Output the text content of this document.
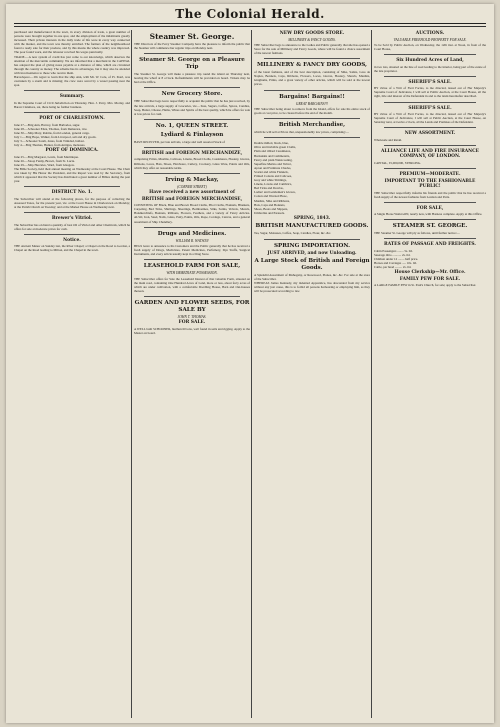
The Colonial Herald.
purchased and manufactured in the town, in every division of trade, a great number of persons were brought together in one spot, and the employment of the inhabitants greatly increased. Their private interests in the daily trade of life were in every way connected with the market, and the town was thereby enriched. The farmers of the neighbourhood found a ready sale for their produce, and by this means the whole country was improved. The poor found work, and the labourer received his wages punctually.
TRADE.—A new system of credit has just come to our knowledge, which deserves the attention of the mercantile community. We are informed that a merchant in the CAPITAL has adopted the plan of giving notes payable at a distance of time, which are circulated through the country as money. The scheme has its advantages, but it may also be attended with inconvenience to those who receive them.
Barrackpore.—We regret to learn that the ship Ann, with Mr. W. Cole, of Pt. Pearl, was overtaken by a storm and is missing; the crew were saved by a vessel passing near the spot.
Summary.
In the Supreme Court of Civil Jurisdiction on Thursday, Hon. J. Perry, Mrs. Morley, and Baron Clanmore, sat, there being no further business.
PORT OF CHARLESTOWN.
June 27.—Brig Ann, Harvey, from Barbados, sugar.
June 28.—Schooner Eliza, Thomas, from Demerara, rice.
June 30.—Ship Mary, Robins, from London, general cargo.
July 1.—Brig Hope, Walker, from Liverpool, salt and dry goods.
July 3.—Schooner Sarah, Jones, from Trinidad, ballast.
July 4.—Brig Thomas, Hunter, from Antigua, molasses.
PORT OF DOMINICA.
June 25.—Brig Margaret, Lewis, from Martinique.
June 26.—Sloop Fanny, Brown, from St. Lucia.
June 29.—Ship Hercules, Ward, from Glasgow.
The Bible Society, held their annual meeting on Wednesday at the Court House. The Chair was taken by His Honor the President, and the Report was read by the Secretary, from which it appeared that the Society has distributed a great number of Bibles during the past year.
DISTRICT No. 1.
The Subscriber will attend at the following places, for the purpose of collecting the Assessed Taxes, for the present year, viz. at the Court House in Charlestown on Monday; at the Parish Church on Tuesday; and at the Market House on Wednesday next.
Brewer's Vitriol.
The Subscriber has on hand a quantity of best Oil of Vitriol and other Chemicals, which he offers for sale at moderate prices for cash.
Notice.
THE Ancient Manor on Sunday last, the River Chapel; a Chapel on the Road to Gordon, a Chapel on the Road leading to Milton, and the Chapel in the town.
Steamer St. George.
THE Directors of the Ferry Steamer Company have the pleasure to inform the public that the Steamer will commence her regular trips on Monday next.
Steamer St. George on a Pleasure Trip
The Steamer St. George will make a pleasure trip round the island on Thursday next, leaving the wharf at 8 o'clock. Refreshments will be provided on board. Tickets may be had at the Office.
New Grocery Store.
THE Subscriber begs leave respectfully to acquaint the public that he has just received, by the late arrivals, a large supply of Groceries, viz.—Teas, Sugars, Coffee, Spices, Candles, Soap, Butter, Cheese, Hams, Wines and Spirits of the best quality, which he offers for sale at low prices for cash.
No. 1, QUEEN STREET.
Lydiard & Finlayson
HAVE RECEIVED, per late arrivals, a large and well assorted Stock of
BRITISH and FOREIGN MERCHANDIZE,
comprising Prints, Muslins, Calicoes, Linens, Broad Cloths, Cassimeres, Hosiery, Gloves, Ribbons, Laces, Hats, Shoes, Hardware, Cutlery, Crockery, Glass Ware, Paints and Oils, which they offer on reasonable terms.
Irving & Mackay,
(CORNER STREET)
Have received a new assortment of
BRITISH and FOREIGN MERCHANDISE,
CONSISTING OF Black, Blue and Brown Broad Cloths, Pilot Cloths, Flannels, Blankets, Carpeting, Bed Ticks, Shirtings, Sheetings, Bombazines, Silks, Satins, Velvets, Shawls, Handkerchiefs, Bonnets, Ribbons, Flowers, Feathers, and a variety of Fancy Articles. ALSO, Iron, Steel, Nails, Glass, Putty, Paints, Oils, Rope, Cordage, Canvas, and a general assortment of Ship Chandlery.
Drugs and Medicines.
WILLIAM R. WATSON
BEGS leave to announce to his Customers and the Public generally that he has received a fresh supply of Drugs, Medicines, Patent Medicines, Perfumery, Dye Stuffs, Surgical Instruments, and every article usually kept in a Drug Store.
LEASEHOLD FARM FOR SALE,
WITH IMMEDIATE POSSESSION.
THE Subscriber offers for Sale the Leasehold Interest of that valuable Farm, situated on the main road, containing One Hundred Acres of Land, more or less, about forty acres of which are under cultivation, with a comfortable Dwelling House, Barn and Out-houses thereon.
GARDEN AND FLOWER SEEDS, FOR SALE BY
JOHN T. THOMAS.
FOR SALE.
A WELL built SCHOONER, burthen 60 tons, well found in sails and rigging. Apply to the Master on board.
NEW DRY GOODS STORE.
MILLINERY & FANCY GOODS.
THE Subscriber begs to announce to the Ladies and Public generally that she has opened a Store for the sale of Millinery and Fancy Goods, where will be found a choice assortment of the newest fashions.
MILLINERY & FANCY DRY GOODS,
of the latest fashions, and of the best description, consisting of Silks, Satins, Gros de Naples, Bonnets, Caps, Ribbons, Flowers, Laces, Gloves, Hosiery, Shawls, Muslins, Ginghams, Prints, and a great variety of other articles, which will be sold at the lowest prices.
Bargains! Bargains!!
GREAT BARGAINS!!!
THE Subscriber being about to remove from the Island, offers for sale his entire stock of goods at cost price, to be cleared before the end of the month.
British Merchandise,
which he will sell at Prices that, unquestionably low prices, comprising:—
Double milled, black, blue,
Olive and invisible green Cloths,
Plain and ribbed Cassimeres,
Buckskins and Cashmeretts,
Fancy and plain Waistcoating,
Superfine Merino and Velvet,
Apron and Furniture Checks,
Scarlet and white Flannels,
Printed Cottons and Calicoes,
Grey and white Shirtings,
Linens, Lawns and Cambrics,
Bed Ticks and Dowlas,
Ladies' and Gentlemen's Gloves,
Cotton and Worsted Hose,
Muslins, Silks and Ribbons,
Hats, Caps and Bonnets,
Shoes, Boots and Slippers,
Umbrellas and Parasols.
SPRING, 1843.
BRITISH MANUFACTURED GOODS.
Tea, Sugar, Molasses, Coffee, Soap, Candles, Flour, &c. &c.
SPRING IMPORTATION.
JUST ARRIVED, and now Unloading.
A Large Stock of British and Foreign Goods.
A Splendid Assortment of Mahogany, or Rosewood, Pianos, &c. &c. For sale at the store of the Subscriber.
WHEREAS James Kennedy, my indented Apprentice, has absconded from my service without any just cause, this is to forbid all persons harbouring or employing him, as they will be prosecuted according to law.
AUCTIONS.
VALUABLE FREEHOLD PROPERTY FOR SALE.
To be Sold by Public Auction, on Wednesday, the 12th inst. at Noon, in front of the Court House,
Six Hundred Acres of Land,
in two lots, situated on the line of road leading to the interior, being part of the estate of the late proprietor.
SHERIFF'S SALE.
BY virtue of a Writ of Fieri Facias, to me directed, issued out of Her Majesty's Supreme Court of Judicature, I will sell at Public Auction, at the Court House, all the right, title and interest of the Defendant in and to the lands hereinafter described.
SHERIFF'S SALE.
BY virtue of a Writ of Fieri Facias, to me directed, issued out of Her Majesty's Supreme Court of Judicature, I will sell at Public Auction, at the Court House, on Saturday next, at twelve o'clock, all the Lands and Premises of the Defendant.
NEW ASSORTMENT.
Wholesale and Retail.
ALLIANCE LIFE AND FIRE INSURANCE COMPANY, OF LONDON.
CAPITAL, £5,000,000, STERLING.
PREMIUM—MODERATE.
IMPORTANT TO THE FASHIONABLE PUBLIC!
THE Subscriber respectfully informs his friends and the public that he has received a fresh supply of the newest fashions from London and Paris.
FOR SALE,
A Single Horse WAGGON, nearly new, with Harness complete. Apply at this Office.
STEAMER ST. GEORGE.
THE Steamer St. George will ply as follows, until further notice:—
RATES OF PASSAGE AND FREIGHTS.
Cabin Passengers ........ 5s. 0d.
Steerage ditto ........... 2s. 6d.
Children under 12 ........ half price.
Horses and Carriages ..... 10s. 0d.
Cattle, per head ......... 2s. 6d.
House Clerkship—Mr. Office.
FAMILY PEW FOR SALE.
A LARGE FAMILY PEW in St. Paul's Church, for sale; apply to the Subscriber.
